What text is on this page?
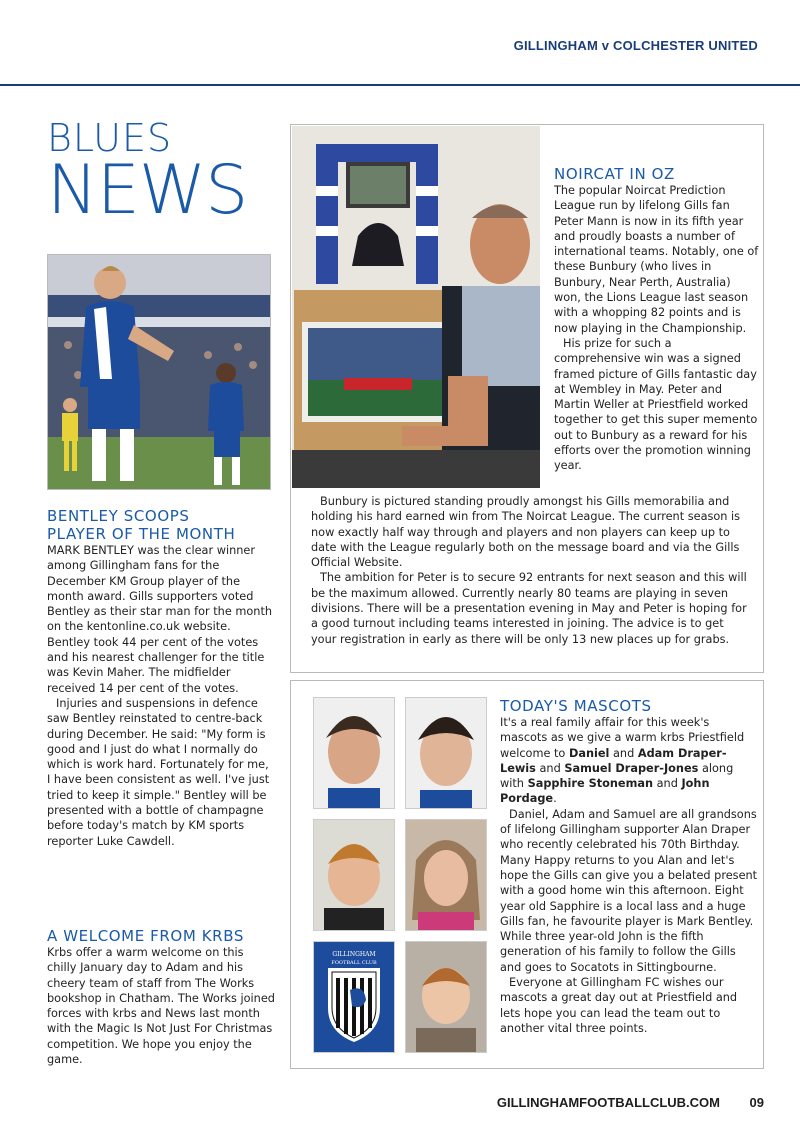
GILLINGHAM v COLCHESTER UNITED
BLUES
NEWS
BENTLEY SCOOPS
PLAYER OF THE MONTH

MARK BENTLEY was the clear winner among Gillingham fans for the December KM Group player of the month award. Gills supporters voted Bentley as their star man for the month on the kentonline.co.uk website. Bentley took 44 per cent of the votes and his nearest challenger for the title was Kevin Maher. The midfielder received 14 per cent of the votes.

Injuries and suspensions in defence saw Bentley reinstated to centre-back during December. He said: "My form is good and I just do what I normally do which is work hard. Fortunately for me, I have been consistent as well. I've just tried to keep it simple." Bentley will be presented with a bottle of champagne before today's match by KM sports reporter Luke Cawdell.

A WELCOME FROM KRBS

Krbs offer a warm welcome on this chilly January day to Adam and his cheery team of staff from The Works bookshop in Chatham. The Works joined forces with krbs and News last month with the Magic Is Not Just For Christmas competition. We hope you enjoy the game.

NOIRCAT IN OZ

The popular Noircat Prediction League run by lifelong Gills fan Peter Mann is now in its fifth year and proudly boasts a number of international teams. Notably, one of these Bunbury (who lives in Bunbury, Near Perth, Australia) won, the Lions League last season with a whopping 82 points and is now playing in the Championship.

His prize for such a comprehensive win was a signed framed picture of Gills fantastic day at Wembley in May. Peter and Martin Weller at Priestfield worked together to get this super memento out to Bunbury as a reward for his efforts over the promotion winning year.

Bunbury is pictured standing proudly amongst his Gills memorabilia and holding his hard earned win from The Noircat League. The current season is now exactly half way through and players and non players can keep up to date with the League regularly both on the message board and via the Gills Official Website.

The ambition for Peter is to secure 92 entrants for next season and this will be the maximum allowed. Currently nearly 80 teams are playing in seven divisions. There will be a presentation evening in May and Peter is hoping for a good turnout including teams interested in joining. The advice is to get your registration in early as there will be only 13 new places up for grabs.

GILLINGHAM
FOOTBALL CLUB
TODAY'S MASCOTS

It's a real family affair for this week's mascots as we give a warm krbs Priestfield welcome to Daniel and Adam Draper-Lewis and Samuel Draper-Jones along with Sapphire Stoneman and John Pordage.

Daniel, Adam and Samuel are all grandsons of lifelong Gillingham supporter Alan Draper who recently celebrated his 70th Birthday. Many Happy returns to you Alan and let's hope the Gills can give you a belated present with a good home win this afternoon. Eight year old Sapphire is a local lass and a huge Gills fan, he favourite player is Mark Bentley. While three year-old John is the fifth generation of his family to follow the Gills and goes to Socatots in Sittingbourne.

Everyone at Gillingham FC wishes our mascots a great day out at Priestfield and lets hope you can lead the team out to another vital three points.

GILLINGHAMFOOTBALLCLUB.COM 09
